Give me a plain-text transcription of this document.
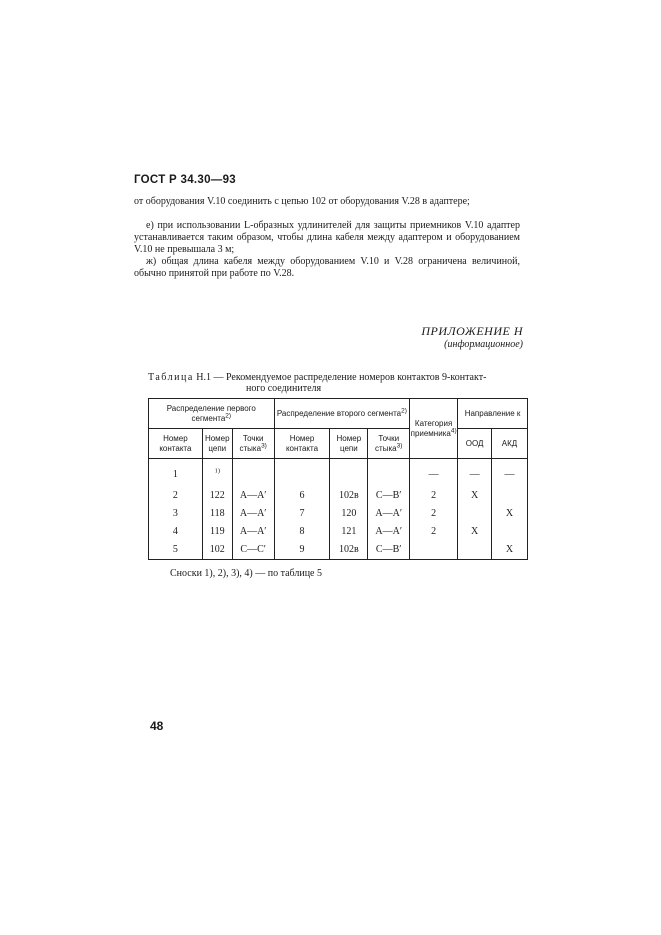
ГОСТ Р 34.30—93
от оборудования V.10 соединить с цепью 102 от оборудования V.28 в адаптере;
е) при использовании L-образных удлинителей для защиты приемников V.10 адаптер устанавливается таким образом, чтобы длина кабеля между адаптером и оборудованием V.10 не превышала 3 м;
ж) общая длина кабеля между оборудованием V.10 и V.28 ограничена величиной, обычно принятой при работе по V.28.
ПРИЛОЖЕНИЕ Н
(информационное)
Таблица Н.1 — Рекомендуемое распределение номеров контактов 9-контакт-
ного соединителя
Распределение первого сегмента$^{2)}$			Распределение второго сегмента$^{2)}$			Категория приемника$^{4)}$	Направление к	
Номер контакта	Номер цепи	Точки стыка$^{3)}$	Номер контакта	Номер цепи	Точки стыка$^{3)}$		ООД	АКД
1	$^{1)}$					—	—	—
2	122	A—A′	6	102в	C—B′	2	X	
3	118	A—A′	7	120	A—A′	2		X
4	119	A—A′	8	121	A—A′	2	X	
5	102	C—C′	9	102в	C—B′			X
Сноски 1), 2), 3), 4) — по таблице 5
48
